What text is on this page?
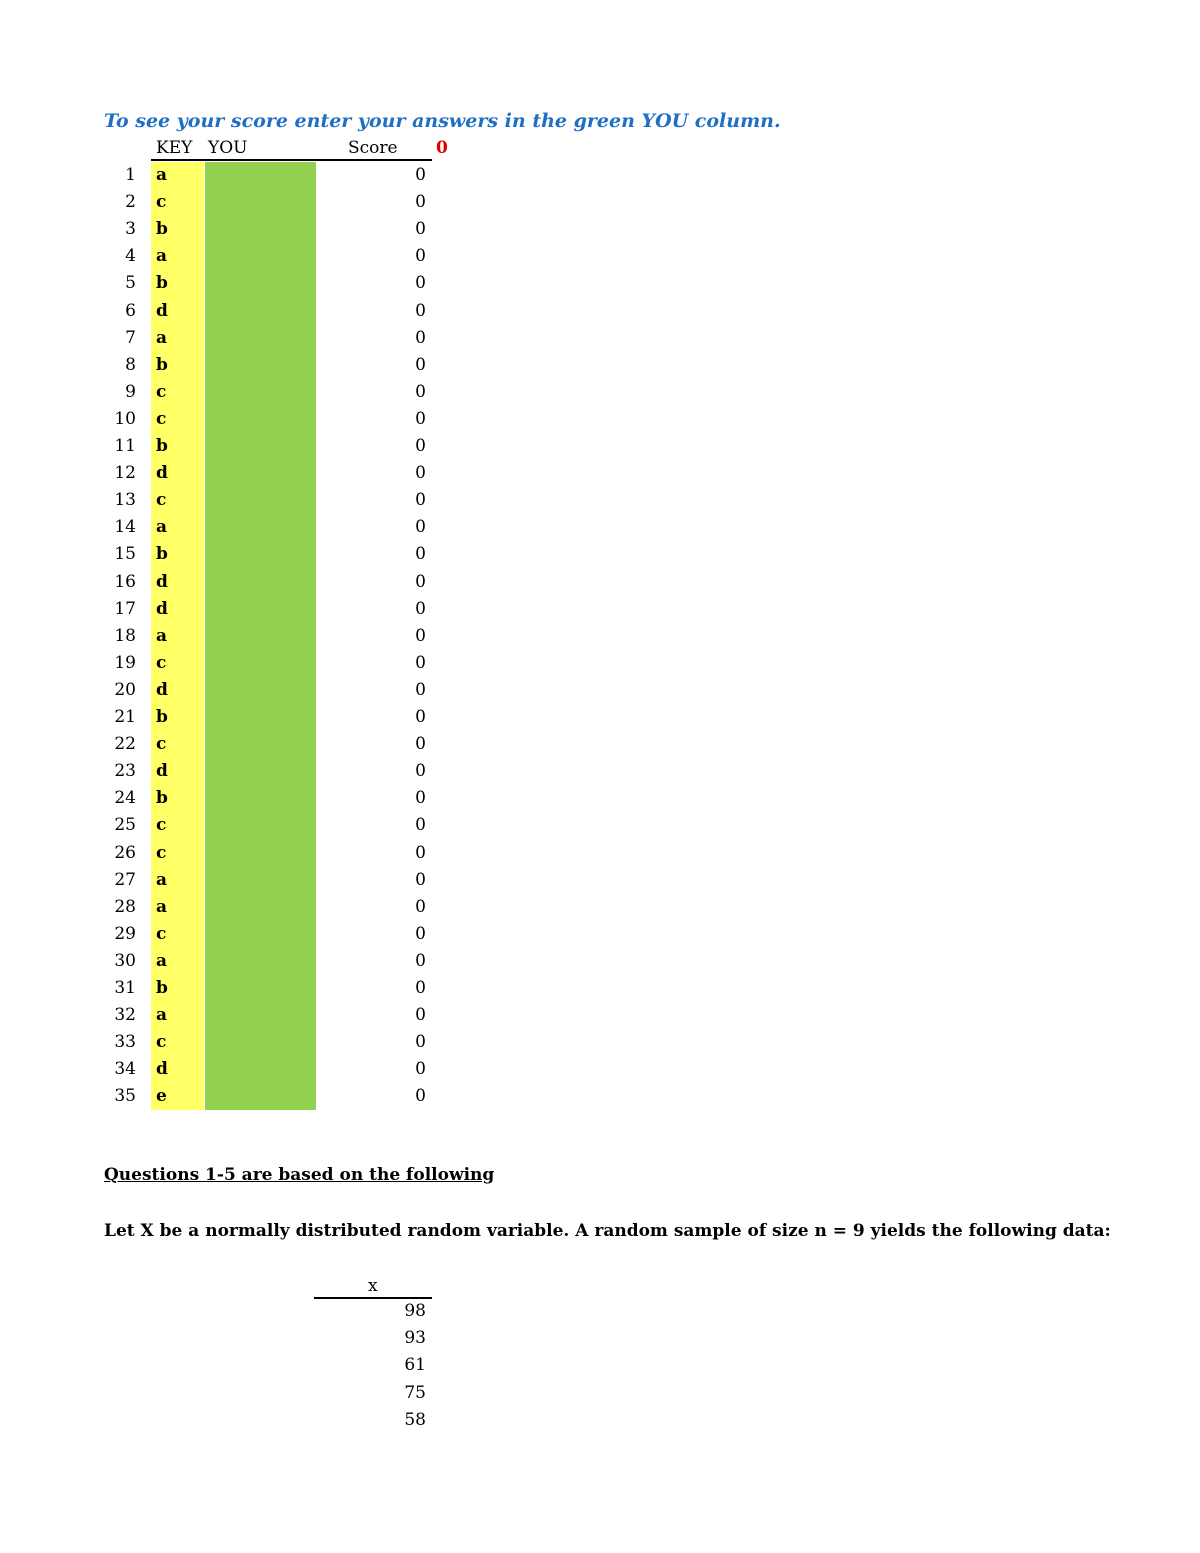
To see your score enter your answers in the green YOU column.
KEY YOU	Score 0
1 a	0
2 c	0
3 b	0
4 a	0
5 b	0
6 d	0
7 a	0
8 b	0
9 c	0
10 c	0
11 b	0
12 d	0
13 c	0
14 a	0
15 b	0
16 d	0
17 d	0
18 a	0
19 c	0
20 d	0
21 b	0
22 c	0
23 d	0
24 b	0
25 c	0
26 c	0
27 a	0
28 a	0
29 c	0
30 a	0
31 b	0
32 a	0
33 c	0
34 d	0
35 e	0
Questions 1-5 are based on the following
Let X be a normally distributed random variable. A random sample of size n = 9 yields the following data:
x
98
93
61
75
58
